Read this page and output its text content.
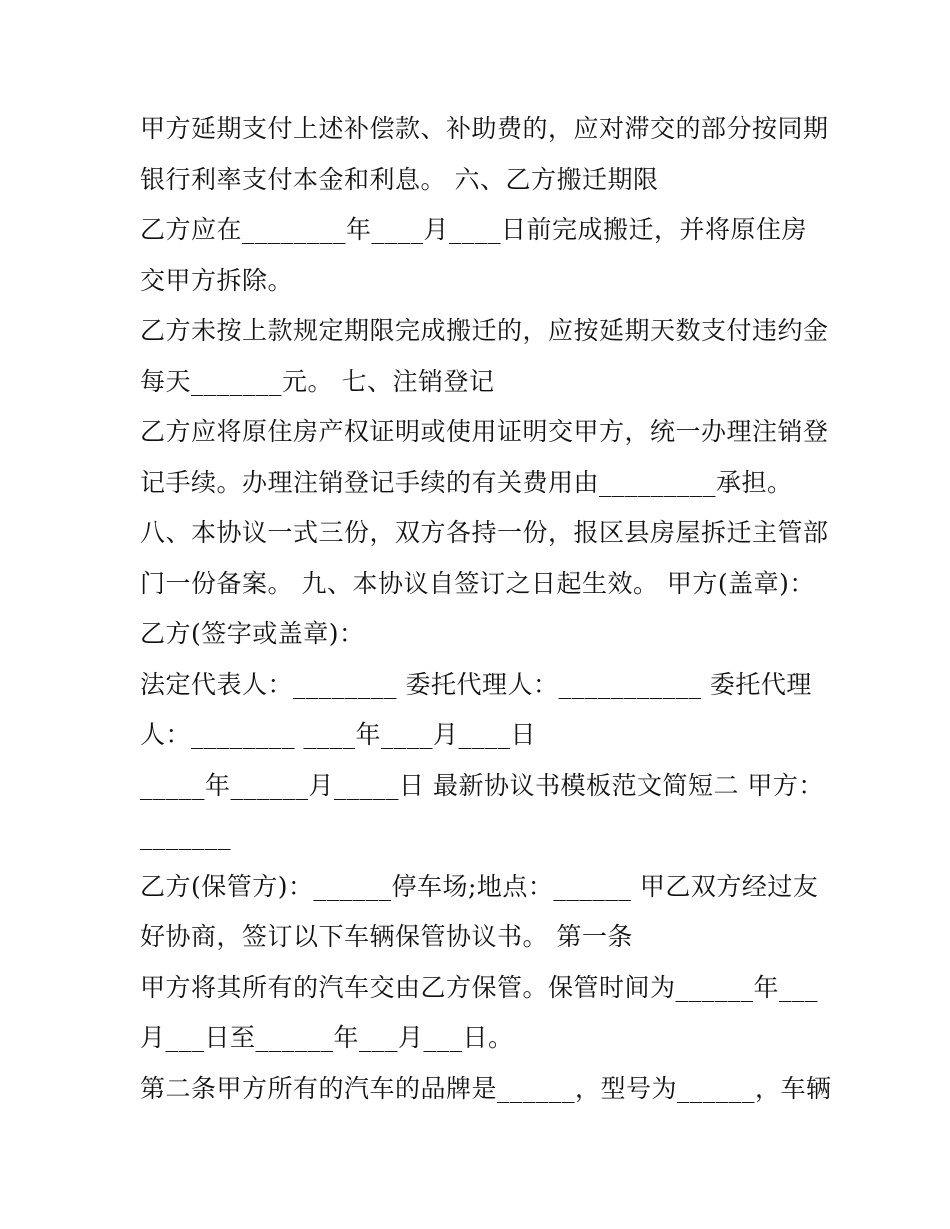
甲方延期支付上述补偿款、补助费的，应对滞交的部分按同期
银行利率支付本金和利息。 六、乙方搬迁期限
乙方应在________年____月____日前完成搬迁，并将原住房
交甲方拆除。
乙方未按上款规定期限完成搬迁的，应按延期天数支付违约金
每天_______元。 七、注销登记
乙方应将原住房产权证明或使用证明交甲方，统一办理注销登
记手续。办理注销登记手续的有关费用由_________承担。
八、本协议一式三份，双方各持一份，报区县房屋拆迁主管部
门一份备案。 九、本协议自签订之日起生效。 甲方(盖章)：
乙方(签字或盖章)：
法定代表人：________ 委托代理人：___________ 委托代理
人：________ ____年____月____日
_____年______月_____日 最新协议书模板范文简短二 甲方：
_______
乙方(保管方)：______停车场;地点：______ 甲乙双方经过友
好协商，签订以下车辆保管协议书。 第一条
甲方将其所有的汽车交由乙方保管。保管时间为______年___
月___日至______年___月___日。
第二条甲方所有的汽车的品牌是______，型号为______，车辆
